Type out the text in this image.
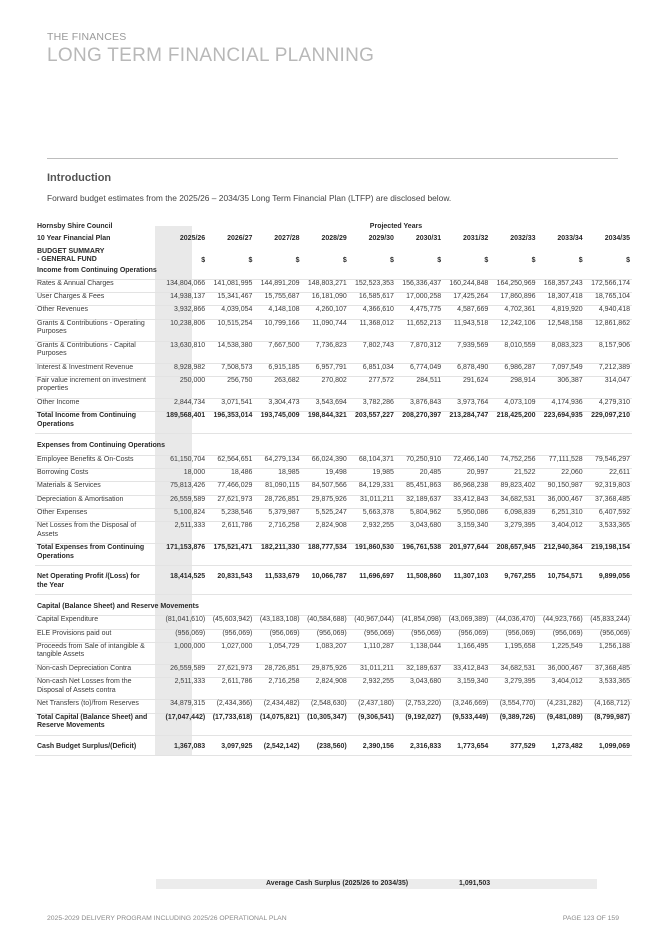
THE FINANCES
LONG TERM FINANCIAL PLANNING
Introduction
Forward budget estimates from the 2025/26 – 2034/35 Long Term Financial Plan (LTFP) are disclosed below.
Hornsby Shire Council		Projected Years									
10 Year Financial Plan		2025/26	2026/27	2027/28	2028/29	2029/30	2030/31	2031/32	2032/33	2033/34	2034/35
BUDGET SUMMARY
- GENERAL FUND		$	$	$	$	$	$	$	$	$	$
Income from Continuing Operations											
Rates & Annual Charges		134,804,066	141,081,995	144,891,209	148,803,271	152,523,353	156,336,437	160,244,848	164,250,969	168,357,243	172,566,174
User Charges & Fees		14,938,137	15,341,467	15,755,687	16,181,090	16,585,617	17,000,258	17,425,264	17,860,896	18,307,418	18,765,104
Other Revenues		3,932,866	4,039,054	4,148,108	4,260,107	4,366,610	4,475,775	4,587,669	4,702,361	4,819,920	4,940,418
Grants & Contributions - Operating Purposes		10,238,806	10,515,254	10,799,166	11,090,744	11,368,012	11,652,213	11,943,518	12,242,106	12,548,158	12,861,862
Grants & Contributions - Capital Purposes		13,630,810	14,538,380	7,667,500	7,736,823	7,802,743	7,870,312	7,939,569	8,010,559	8,083,323	8,157,906
Interest & Investment Revenue		8,928,982	7,508,573	6,915,185	6,957,791	6,851,034	6,774,049	6,878,490	6,986,287	7,097,549	7,212,389
Fair value increment on investment properties		250,000	256,750	263,682	270,802	277,572	284,511	291,624	298,914	306,387	314,047
Other Income		2,844,734	3,071,541	3,304,473	3,543,694	3,782,286	3,876,843	3,973,764	4,073,109	4,174,936	4,279,310
Total Income from Continuing Operations		189,568,401	196,353,014	193,745,009	198,844,321	203,557,227	208,270,397	213,284,747	218,425,200	223,694,935	229,097,210

Expenses from Continuing Operations											
Employee Benefits & On-Costs		61,150,704	62,564,651	64,279,134	66,024,390	68,104,371	70,250,910	72,466,140	74,752,256	77,111,528	79,546,297
Borrowing Costs		18,000	18,486	18,985	19,498	19,985	20,485	20,997	21,522	22,060	22,611
Materials & Services		75,813,426	77,466,029	81,090,115	84,507,566	84,129,331	85,451,863	86,968,238	89,823,402	90,150,987	92,319,803
Depreciation & Amortisation		26,559,589	27,621,973	28,726,851	29,875,926	31,011,211	32,189,637	33,412,843	34,682,531	36,000,467	37,368,485
Other Expenses		5,100,824	5,238,546	5,379,987	5,525,247	5,663,378	5,804,962	5,950,086	6,098,839	6,251,310	6,407,592
Net Losses from the Disposal of Assets		2,511,333	2,611,786	2,716,258	2,824,908	2,932,255	3,043,680	3,159,340	3,279,395	3,404,012	3,533,365
Total Expenses from Continuing Operations		171,153,876	175,521,471	182,211,330	188,777,534	191,860,530	196,761,538	201,977,644	208,657,945	212,940,364	219,198,154

Net Operating Profit /(Loss) for the Year		18,414,525	20,831,543	11,533,679	10,066,787	11,696,697	11,508,860	11,307,103	9,767,255	10,754,571	9,899,056

Capital (Balance Sheet) and Reserve Movements											
Capital Expenditure		(81,041,610)	(45,603,942)	(43,183,108)	(40,584,688)	(40,967,044)	(41,854,098)	(43,069,389)	(44,036,470)	(44,923,766)	(45,833,244)
ELE Provisions paid out		(956,069)	(956,069)	(956,069)	(956,069)	(956,069)	(956,069)	(956,069)	(956,069)	(956,069)	(956,069)
Proceeds from Sale of intangible & tangible Assets		1,000,000	1,027,000	1,054,729	1,083,207	1,110,287	1,138,044	1,166,495	1,195,658	1,225,549	1,256,188
Non-cash Depreciation Contra		26,559,589	27,621,973	28,726,851	29,875,926	31,011,211	32,189,637	33,412,843	34,682,531	36,000,467	37,368,485
Non-cash Net Losses from the Disposal of Assets contra		2,511,333	2,611,786	2,716,258	2,824,908	2,932,255	3,043,680	3,159,340	3,279,395	3,404,012	3,533,365
Net Transfers (to)/from Reserves		34,879,315	(2,434,366)	(2,434,482)	(2,548,630)	(2,437,180)	(2,753,220)	(3,246,669)	(3,554,770)	(4,231,282)	(4,168,712)
Total Capital (Balance Sheet) and Reserve Movements		(17,047,442)	(17,733,618)	(14,075,821)	(10,305,347)	(9,306,541)	(9,192,027)	(9,533,449)	(9,389,726)	(9,481,089)	(8,799,987)

Cash Budget Surplus/(Deficit)		1,367,083	3,097,925	(2,542,142)	(238,560)	2,390,156	2,316,833	1,773,654	377,529	1,273,482	1,099,069
Average Cash Surplus (2025/26 to 2034/35)	1,091,503
2025-2029 DELIVERY PROGRAM INCLUDING 2025/26 OPERATIONAL PLAN	PAGE 123 OF 159
